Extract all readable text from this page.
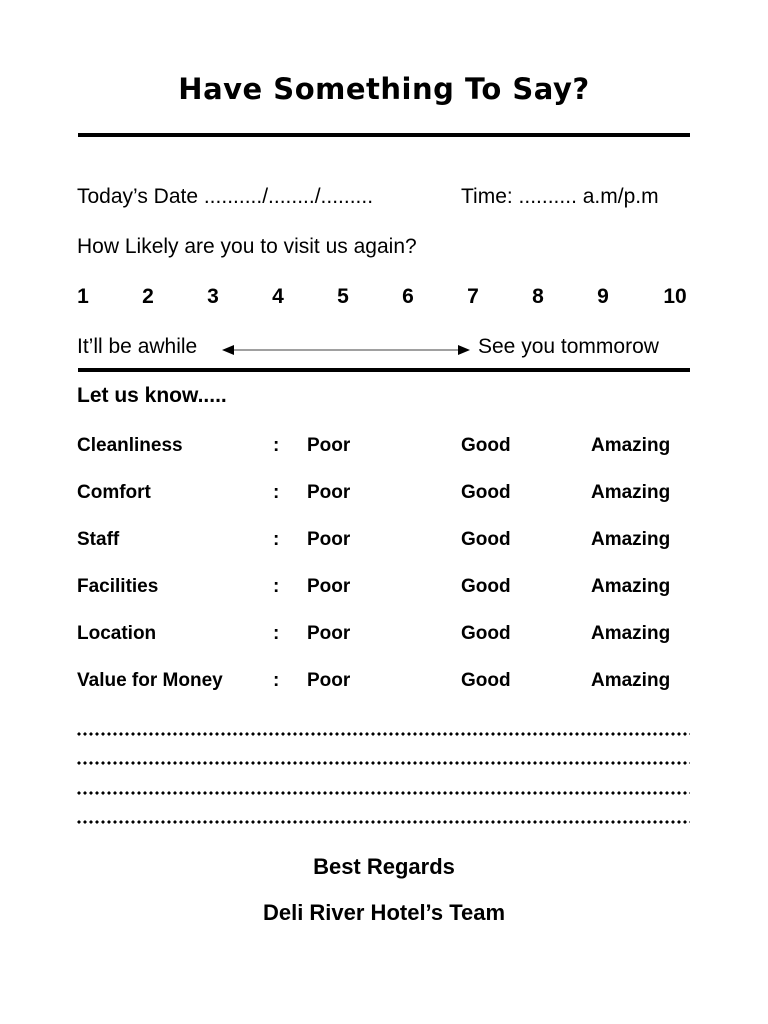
Have Something To Say?
Today’s Date ........../......../.........	Time: .......... a.m/p.m
How Likely are you to visit us again?
1	2	3	4	5	6	7	8	9	10
It’ll be awhile	See you tommorow
Let us know.....
Cleanliness	: Poor	Good	Amazing
Comfort	: Poor	Good	Amazing
Staff	: Poor	Good	Amazing
Facilities	: Poor	Good	Amazing
Location	: Poor	Good	Amazing
Value for Money	: Poor	Good	Amazing
Best Regards
Deli River Hotel’s Team
